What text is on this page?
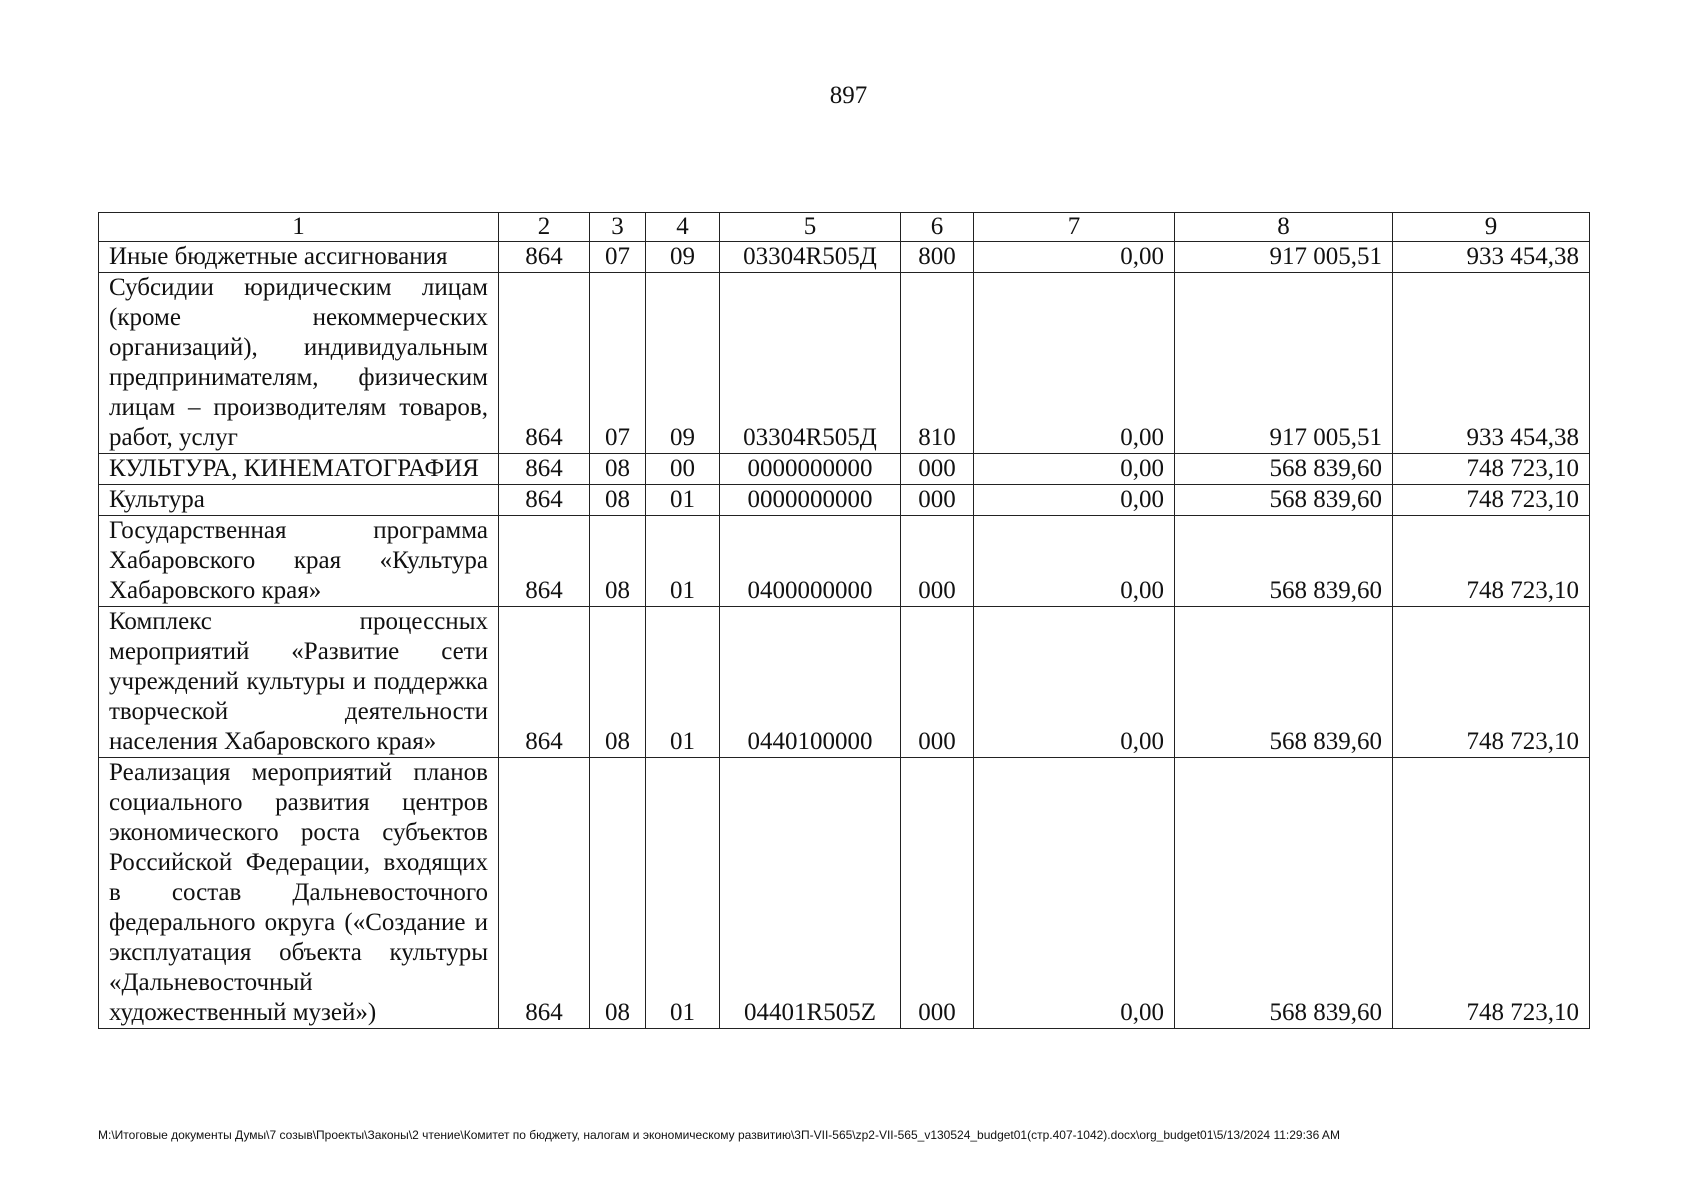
897
1	2	3	4	5	6	7	8	9
Иные бюджетные ассигнования	864	07	09	03304R505Д	800	0,00	917 005,51	933 454,38
Субсидии юридическим лицам (кроме некоммерческих организаций), индивидуальным предпринимателям, физическим лицам – производителям товаров, работ, услуг	864	07	09	03304R505Д	810	0,00	917 005,51	933 454,38
КУЛЬТУРА, КИНЕМАТОГРАФИЯ	864	08	00	0000000000	000	0,00	568 839,60	748 723,10
Культура	864	08	01	0000000000	000	0,00	568 839,60	748 723,10
Государственная программа Хабаровского края «Культура Хабаровского края»	864	08	01	0400000000	000	0,00	568 839,60	748 723,10
Комплекс процессных мероприятий «Развитие сети учреждений культуры и поддержка творческой деятельности населения Хабаровского края»	864	08	01	0440100000	000	0,00	568 839,60	748 723,10
Реализация мероприятий планов социального развития центров экономического роста субъектов Российской Федерации, входящих в состав Дальневосточного федерального округа («Создание и эксплуатация объекта культуры «Дальневосточный художественный музей»)	864	08	01	04401R505Z	000	0,00	568 839,60	748 723,10
M:\Итоговые документы Думы\7 созыв\Проекты\Законы\2 чтение\Комитет по бюджету, налогам и экономическому развитию\3П-VII-565\zp2-VII-565_v130524_budget01(стр.407-1042).docx\org_budget01\5/13/2024 11:29:36 AM
